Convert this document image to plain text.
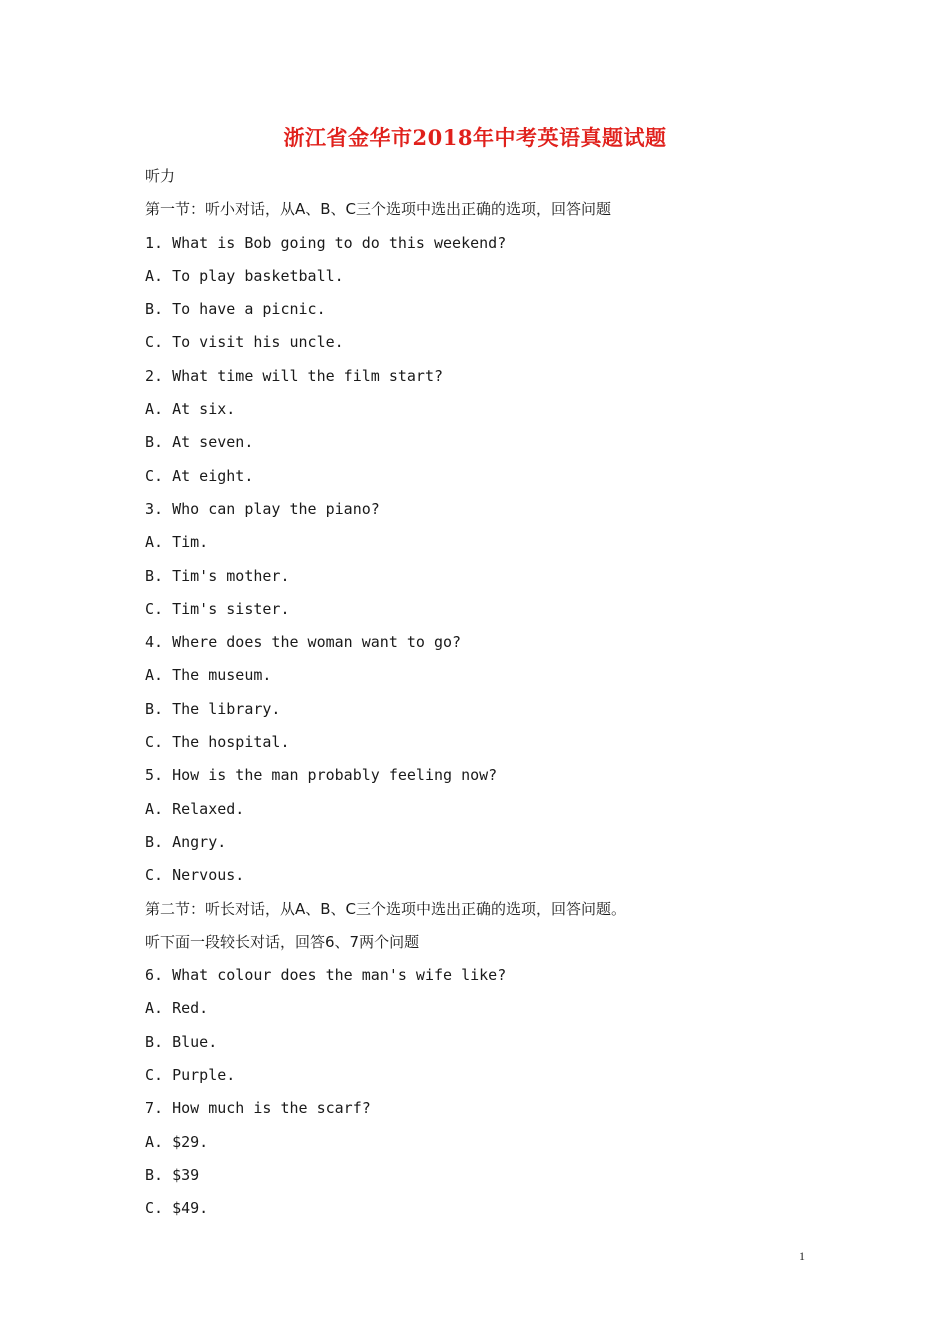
浙江省金华市2018年中考英语真题试题
听力
第一节：听小对话，从A、B、C三个选项中选出正确的选项，回答问题
1. What is Bob going to do this weekend?
A. To play basketball.
B. To have a picnic.
C. To visit his uncle.
2. What time will the film start?
A. At six.
B. At seven.
C. At eight.
3. Who can play the piano?
A. Tim.
B. Tim's mother.
C. Tim's sister.
4. Where does the woman want to go?
A. The museum.
B. The library.
C. The hospital.
5. How is the man probably feeling now?
A. Relaxed.
B. Angry.
C. Nervous.
第二节：听长对话，从A、B、C三个选项中选出正确的选项，回答问题。
听下面一段较长对话，回答6、7两个问题
6. What colour does the man's wife like?
A. Red.
B. Blue.
C. Purple.
7. How much is the scarf?
A. $29.
B. $39
C. $49.
1
